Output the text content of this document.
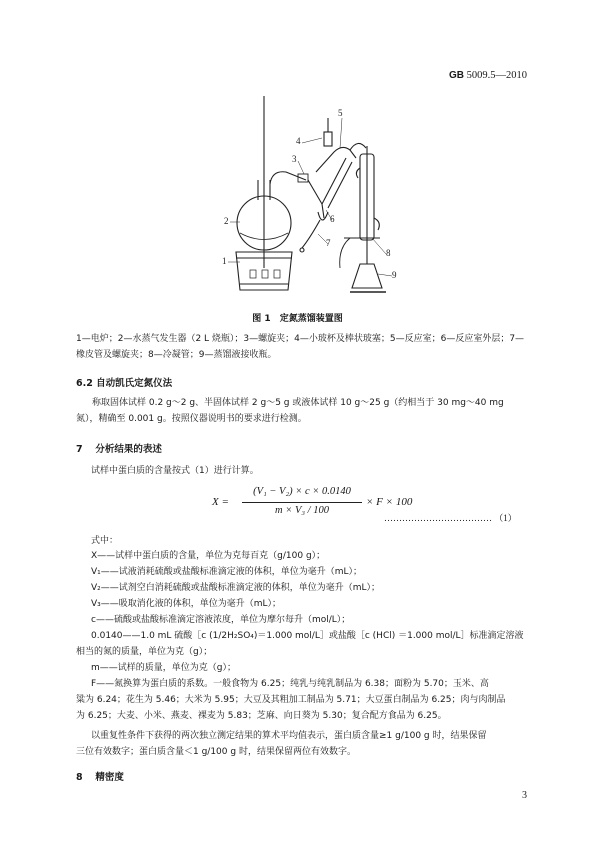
GB 5009.5—2010
1
2
3
4
5
6
7
8
9
图 1　定氮蒸馏装置图
1—电炉；2—水蒸气发生器（2 L 烧瓶）；3—螺旋夹；4—小玻杯及棒状玻塞；5—反应室；6—反应室外层；7—橡皮管及螺旋夹；8—冷凝管；9—蒸馏液接收瓶。
6.2 自动凯氏定氮仪法
称取固体试样 0.2 g～2 g、半固体试样 2 g～5 g 或液体试样 10 g～25 g（约相当于 30 mg～40 mg 氮），精确至 0.001 g。按照仪器说明书的要求进行检测。
7　 分析结果的表述
试样中蛋白质的含量按式（1）进行计算。
X =
(V₁ − V₂) × c × 0.0140
m × V₃ / 100
× F × 100
……………………………… （1）
式中：
X——试样中蛋白质的含量，单位为克每百克（g/100 g）；
V₁——试液消耗硫酸或盐酸标准滴定液的体积，单位为毫升（mL）；
V₂——试剂空白消耗硫酸或盐酸标准滴定液的体积，单位为毫升（mL）；
V₃——吸取消化液的体积，单位为毫升（mL）；
c——硫酸或盐酸标准滴定溶液浓度，单位为摩尔每升（mol/L）；
0.0140——1.0 mL 硫酸［c (1/2H₂SO₄)＝1.000 mol/L］或盐酸［c (HCl) ＝1.000 mol/L］标准滴定溶液
相当的氮的质量，单位为克（g）；
m——试样的质量，单位为克（g）；
F——氮换算为蛋白质的系数。一般食物为 6.25；纯乳与纯乳制品为 6.38；面粉为 5.70；玉米、高
粱为 6.24；花生为 5.46；大米为 5.95；大豆及其粗加工制品为 5.71；大豆蛋白制品为 6.25；肉与肉制品
为 6.25；大麦、小米、燕麦、裸麦为 5.83；芝麻、向日葵为 5.30；复合配方食品为 6.25。
以重复性条件下获得的两次独立测定结果的算术平均值表示，蛋白质含量≥1 g/100 g 时，结果保留
三位有效数字；蛋白质含量＜1 g/100 g 时，结果保留两位有效数字。
8　 精密度
3
